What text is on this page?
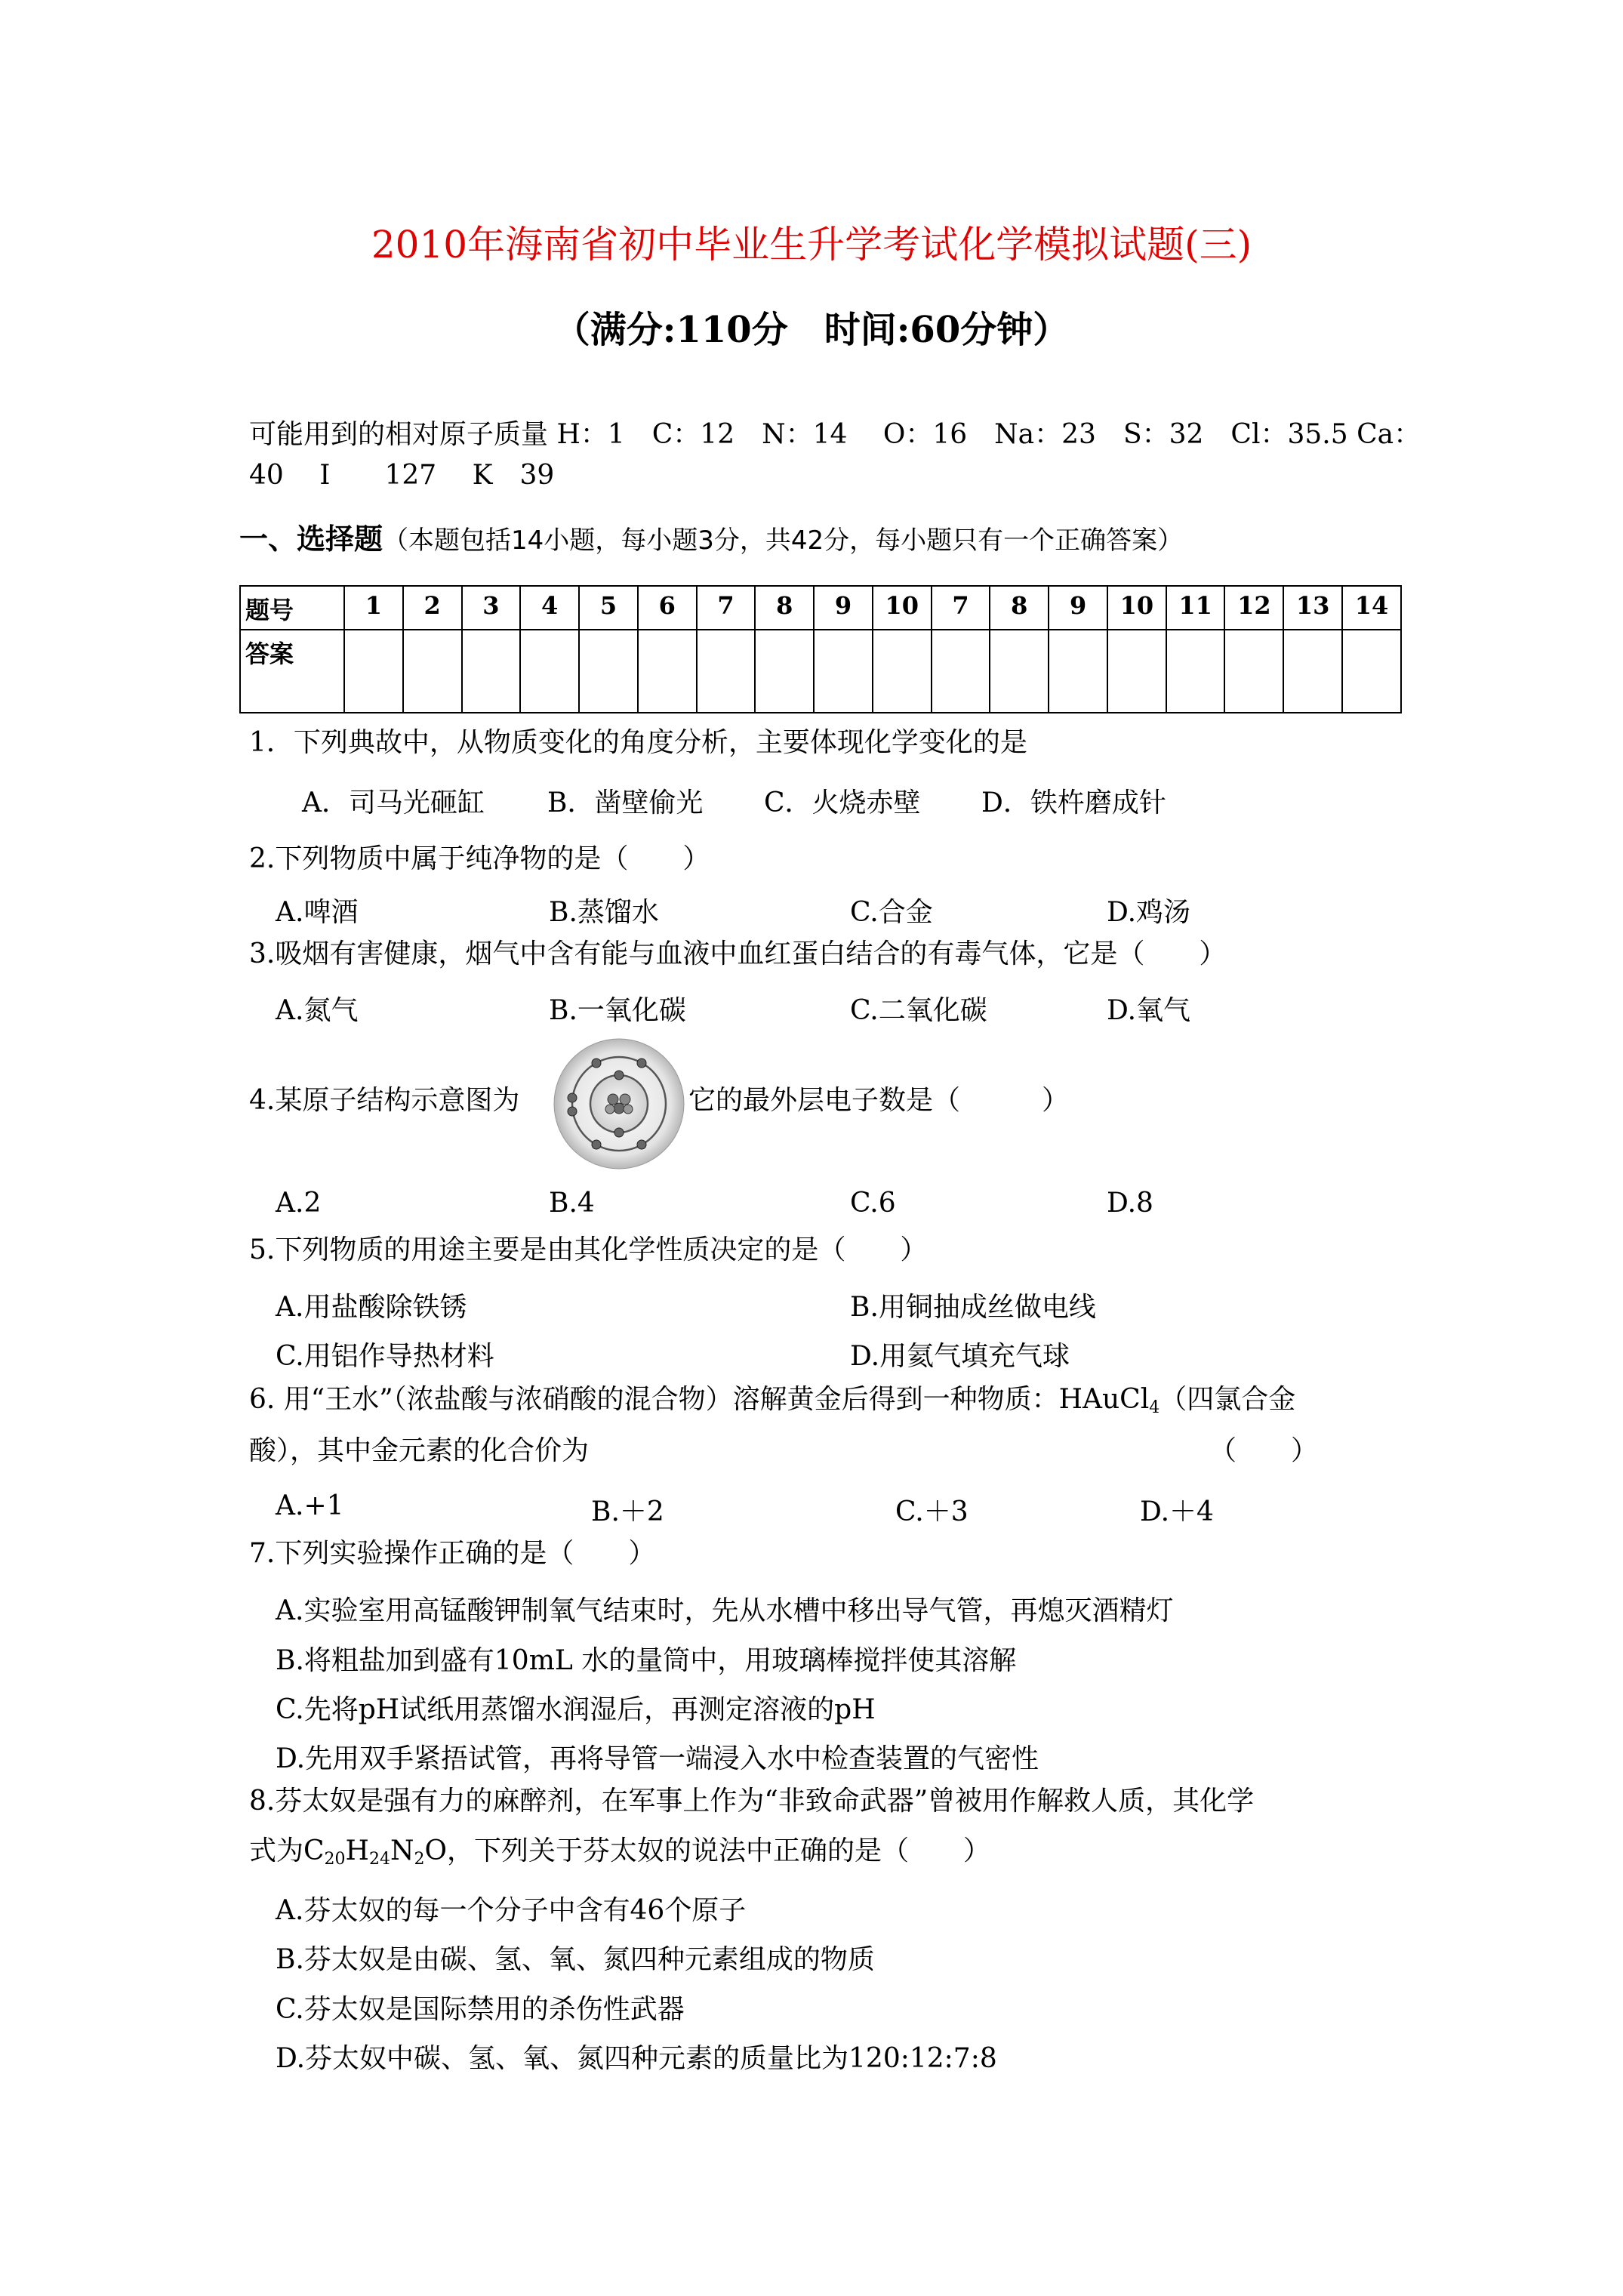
2010年海南省初中毕业生升学考试化学模拟试题(三)
（满分:110分　时间:60分钟）
可能用到的相对原子质量 H：1　C：12　N：14　 O：16　Na：23　S：32　Cl：35.5 Ca：
40　 I　　127　 K　39
一、选择题（本题包括14小题，每小题3分，共42分，每小题只有一个正确答案）
题号	1	2	3	4	5	6	7	8	9	10	7	8	9	10	11	12	13	14
答案																		
1．下列典故中，从物质变化的角度分析，主要体现化学变化的是
A．司马光砸缸 B．凿壁偷光 C．火烧赤壁 D．铁杵磨成针
2.下列物质中属于纯净物的是（　　）
A.啤酒	B.蒸馏水	C.合金	D.鸡汤
3.吸烟有害健康，烟气中含有能与血液中血红蛋白结合的有毒气体，它是（　　）
A.氮气	B.一氧化碳	C.二氧化碳	D.氧气
4.某原子结构示意图为	它的最外层电子数是（　　　）
A.2	B.4	C.6	D.8
5.下列物质的用途主要是由其化学性质决定的是（　　）
A.用盐酸除铁锈	B.用铜抽成丝做电线
C.用铝作导热材料	D.用氦气填充气球
6. 用“王水”（浓盐酸与浓硝酸的混合物）溶解黄金后得到一种物质：HAuCl$_4$（四氯合金
酸），其中金元素的化合价为	（　　）
A.+1	B.＋2	C.＋3	D.＋4
7.下列实验操作正确的是（　　）
A.实验室用高锰酸钾制氧气结束时，先从水槽中移出导气管，再熄灭酒精灯
B.将粗盐加到盛有10mL 水的量筒中，用玻璃棒搅拌使其溶解
C.先将pH试纸用蒸馏水润湿后，再测定溶液的pH
D.先用双手紧捂试管，再将导管一端浸入水中检查装置的气密性
8.芬太奴是强有力的麻醉剂，在军事上作为“非致命武器”曾被用作解救人质，其化学
式为$C_{20}H_{24}N_2O$，下列关于芬太奴的说法中正确的是（　　）
A.芬太奴的每一个分子中含有46个原子
B.芬太奴是由碳、氢、氧、氮四种元素组成的物质
C.芬太奴是国际禁用的杀伤性武器
D.芬太奴中碳、氢、氧、氮四种元素的质量比为120:12:7:8
